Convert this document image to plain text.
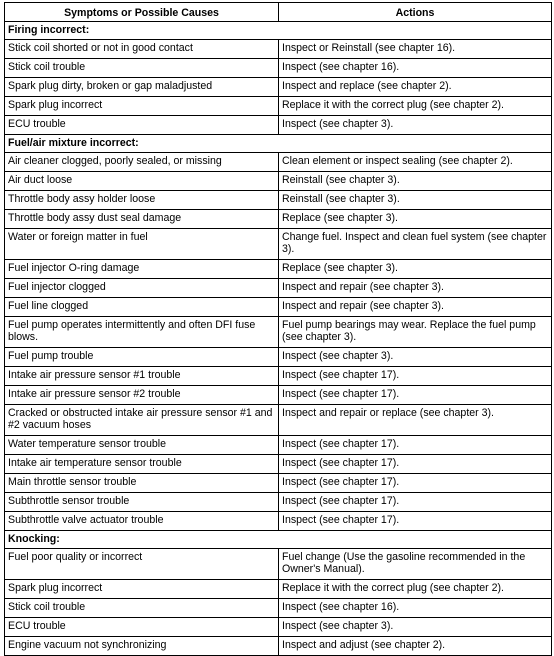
Symptoms or Possible Causes	Actions
Firing incorrect:	
Stick coil shorted or not in good contact	Inspect or Reinstall (see chapter 16).
Stick coil trouble	Inspect (see chapter 16).
Spark plug dirty, broken or gap maladjusted	Inspect and replace (see chapter 2).
Spark plug incorrect	Replace it with the correct plug (see chapter 2).
ECU trouble	Inspect (see chapter 3).
Fuel/air mixture incorrect:	
Air cleaner clogged, poorly sealed, or missing	Clean element or inspect sealing (see chapter 2).
Air duct loose	Reinstall (see chapter 3).
Throttle body assy holder loose	Reinstall (see chapter 3).
Throttle body assy dust seal damage	Replace (see chapter 3).
Water or foreign matter in fuel	Change fuel. Inspect and clean fuel system (see chapter 3).
Fuel injector O-ring damage	Replace (see chapter 3).
Fuel injector clogged	Inspect and repair (see chapter 3).
Fuel line clogged	Inspect and repair (see chapter 3).
Fuel pump operates intermittently and often DFI fuse blows.	Fuel pump bearings may wear. Replace the fuel pump (see chapter 3).
Fuel pump trouble	Inspect (see chapter 3).
Intake air pressure sensor #1 trouble	Inspect (see chapter 17).
Intake air pressure sensor #2 trouble	Inspect (see chapter 17).
Cracked or obstructed intake air pressure sensor #1 and #2 vacuum hoses	Inspect and repair or replace (see chapter 3).
Water temperature sensor trouble	Inspect (see chapter 17).
Intake air temperature sensor trouble	Inspect (see chapter 17).
Main throttle sensor trouble	Inspect (see chapter 17).
Subthrottle sensor trouble	Inspect (see chapter 17).
Subthrottle valve actuator trouble	Inspect (see chapter 17).
Knocking:	
Fuel poor quality or incorrect	Fuel change (Use the gasoline recommended in the Owner's Manual).
Spark plug incorrect	Replace it with the correct plug (see chapter 2).
Stick coil trouble	Inspect (see chapter 16).
ECU trouble	Inspect (see chapter 3).
Engine vacuum not synchronizing	Inspect and adjust (see chapter 2).
